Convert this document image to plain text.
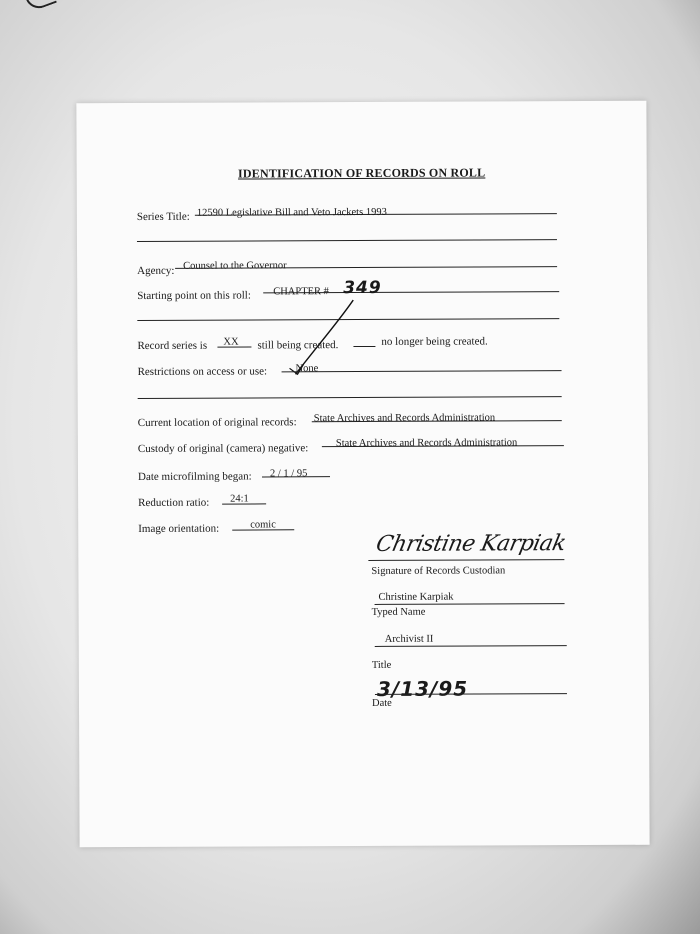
IDENTIFICATION OF RECORDS ON ROLL
Series Title: 12590 Legislative Bill and Veto Jackets 1993
Agency: Counsel to the Governor
Starting point on this roll: CHAPTER # 349
Record series is XX still being created.	no longer being created.
Restrictions on access or use:	None
Current location of original records: State Archives and Records Administration
Custody of original (camera) negative:	State Archives and Records Administration
Date microfilming began: 2 / 1 / 95
Reduction ratio: 24:1
Image orientation:	comic
Christine Karpiak
Signature of Records Custodian
Christine Karpiak
Typed Name
Archivist II
Title
3/13/95
Date
